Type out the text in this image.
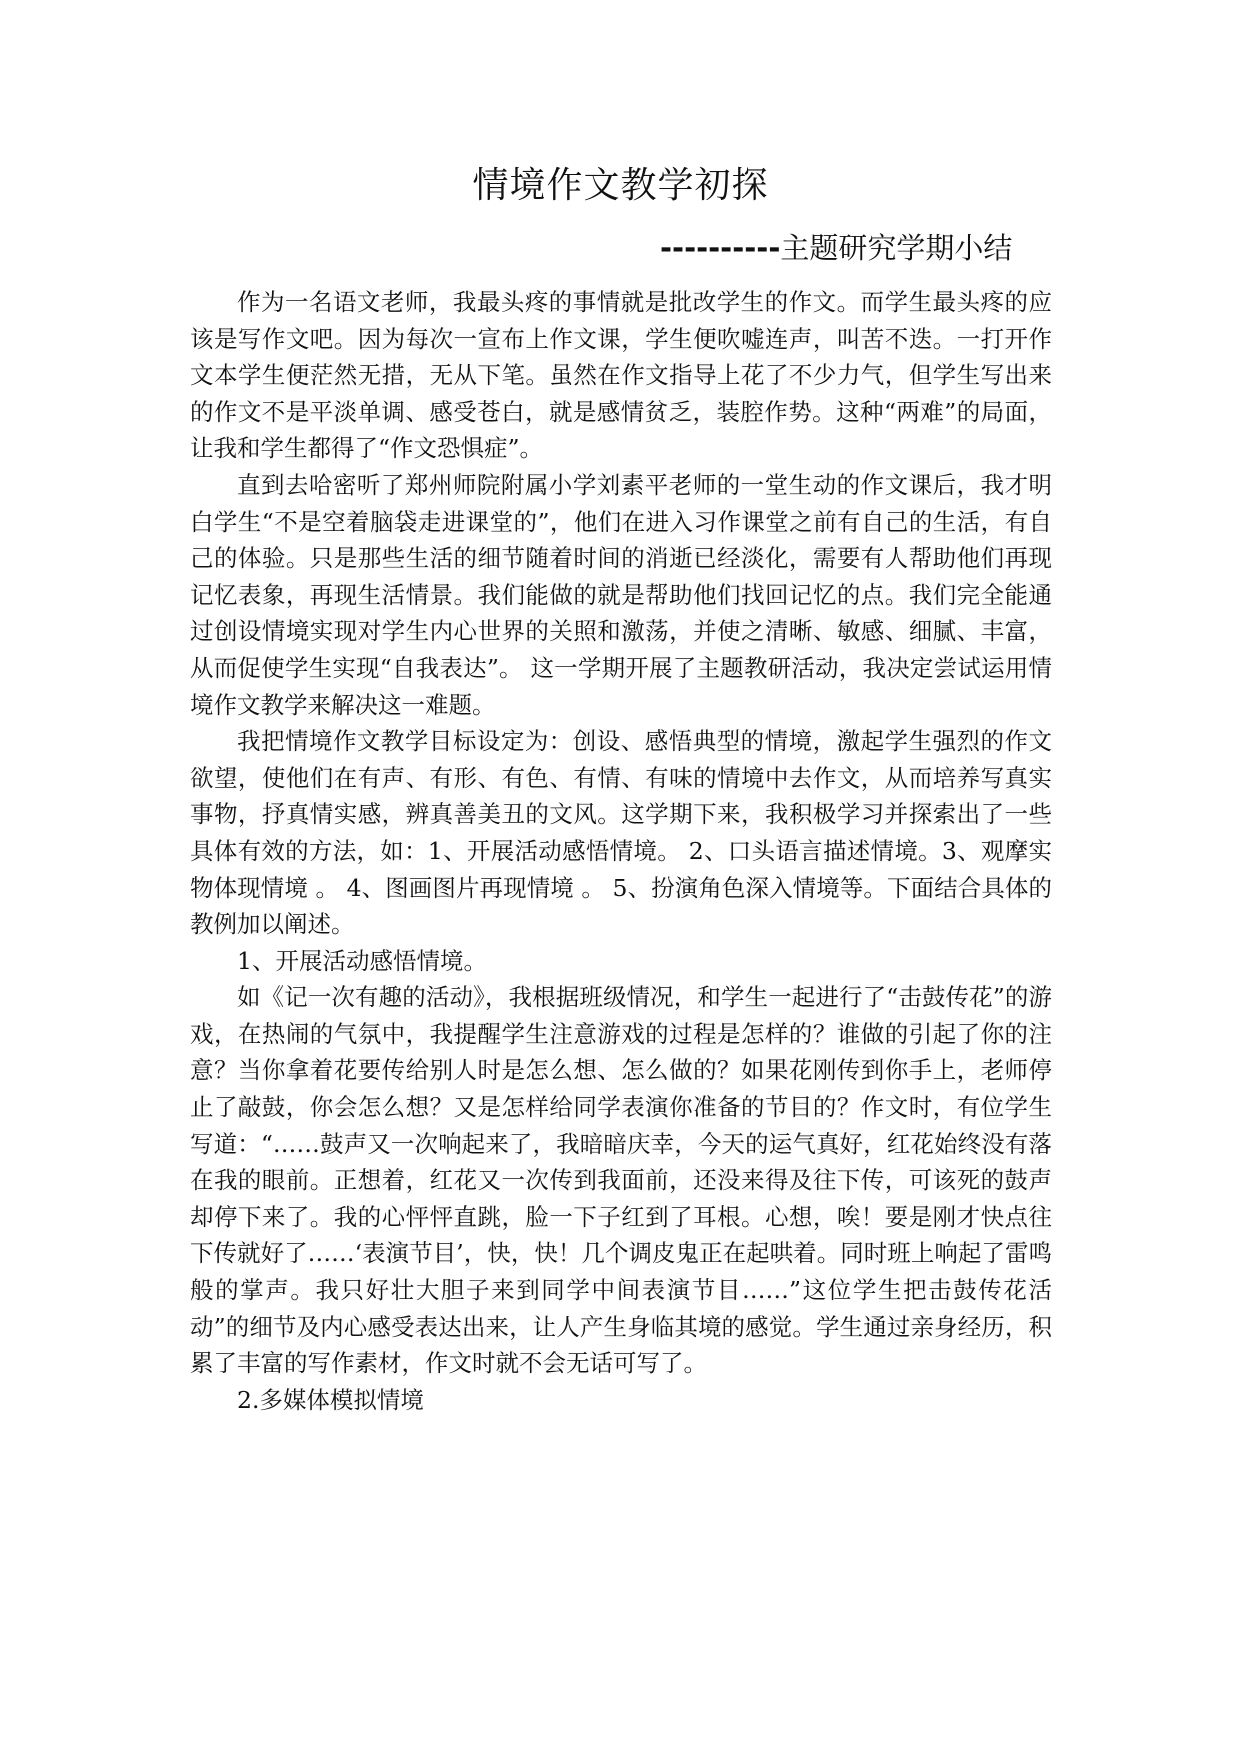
情境作文教学初探
----------主题研究学期小结

作为一名语文老师，我最头疼的事情就是批改学生的作文。而学生最头疼的应该是写作文吧。因为每次一宣布上作文课，学生便吹嘘连声，叫苦不迭。一打开作文本学生便茫然无措，无从下笔。虽然在作文指导上花了不少力气，但学生写出来的作文不是平淡单调、感受苍白，就是感情贫乏，装腔作势。这种“两难”的局面，让我和学生都得了“作文恐惧症”。

直到去哈密听了郑州师院附属小学刘素平老师的一堂生动的作文课后，我才明白学生“不是空着脑袋走进课堂的”，他们在进入习作课堂之前有自己的生活，有自己的体验。只是那些生活的细节随着时间的消逝已经淡化，需要有人帮助他们再现记忆表象，再现生活情景。我们能做的就是帮助他们找回记忆的点。我们完全能通过创设情境实现对学生内心世界的关照和激荡，并使之清晰、敏感、细腻、丰富，从而促使学生实现“自我表达”。 这一学期开展了主题教研活动，我决定尝试运用情境作文教学来解决这一难题。

我把情境作文教学目标设定为：创设、感悟典型的情境，激起学生强烈的作文欲望，使他们在有声、有形、有色、有情、有味的情境中去作文，从而培养写真实事物，抒真情实感，辨真善美丑的文风。这学期下来，我积极学习并探索出了一些具体有效的方法，如：1、开展活动感悟情境。 2、口头语言描述情境。3、观摩实物体现情境 。 4、图画图片再现情境 。 5、扮演角色深入情境等。下面结合具体的教例加以阐述。

1、开展活动感悟情境。

如《记一次有趣的活动》，我根据班级情况，和学生一起进行了“击鼓传花”的游戏，在热闹的气氛中，我提醒学生注意游戏的过程是怎样的？谁做的引起了你的注意？当你拿着花要传给别人时是怎么想、怎么做的？如果花刚传到你手上，老师停止了敲鼓，你会怎么想？又是怎样给同学表演你准备的节目的？作文时，有位学生写道：“……鼓声又一次响起来了，我暗暗庆幸，今天的运气真好，红花始终没有落在我的眼前。正想着，红花又一次传到我面前，还没来得及往下传，可该死的鼓声却停下来了。我的心怦怦直跳，脸一下子红到了耳根。心想，唉！要是刚才快点往下传就好了……‘表演节目’，快，快！几个调皮鬼正在起哄着。同时班上响起了雷鸣般的掌声。我只好壮大胆子来到同学中间表演节目……”这位学生把击鼓传花活动”的细节及内心感受表达出来，让人产生身临其境的感觉。学生通过亲身经历，积累了丰富的写作素材，作文时就不会无话可写了。

2.多媒体模拟情境
